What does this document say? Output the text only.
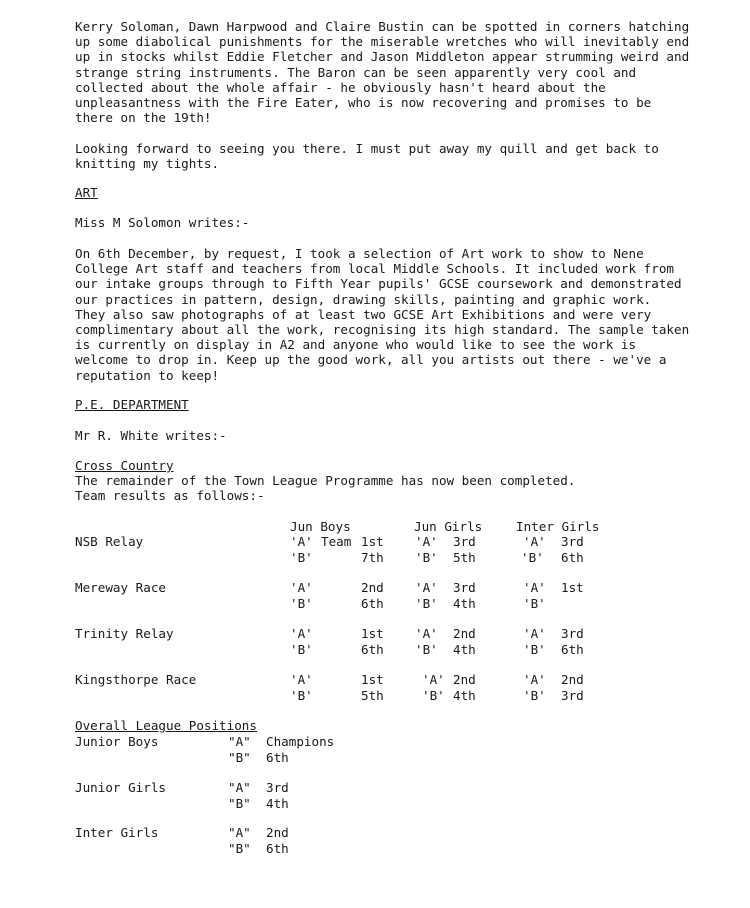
Kerry Soloman, Dawn Harpwood and Claire Bustin can be spotted in corners hatching
up some diabolical punishments for the miserable wretches who will inevitably end
up in stocks whilst Eddie Fletcher and Jason Middleton appear strumming weird and
strange string instruments. The Baron can be seen apparently very cool and
collected about the whole affair - he obviously hasn't heard about the
unpleasantness with the Fire Eater, who is now recovering and promises to be
there on the 19th!

Looking forward to seeing you there. I must put away my quill and get back to
knitting my tights.

ART
Miss M Solomon writes:-

On 6th December, by request, I took a selection of Art work to show to Nene
College Art staff and teachers from local Middle Schools. It included work from
our intake groups through to Fifth Year pupils' GCSE coursework and demonstrated
our practices in pattern, design, drawing skills, painting and graphic work.
They also saw photographs of at least two GCSE Art Exhibitions and were very
complimentary about all the work, recognising its high standard. The sample taken
is currently on display in A2 and anyone who would like to see the work is
welcome to drop in. Keep up the good work, all you artists out there - we've a
reputation to keep!

P.E. DEPARTMENT
Mr R. White writes:-
Cross Country
The remainder of the Town League Programme has now been completed.
Team results as follows:-
Jun Boys	Jun Girls	Inter Girls
NSB Relay	'A' Team 1st 'A' 3rd	'A' 3rd
'B'	7th 'B' 5th	'B' 6th
Mereway Race	'A'	2nd 'A' 3rd	'A' 1st
'B'	6th 'B' 4th	'B'
Trinity Relay	'A'	1st 'A' 2nd	'A' 3rd
'B'	6th 'B' 4th	'B' 6th
Kingsthorpe Race	'A'	1st	'A' 2nd	'A' 2nd
'B'	5th	'B' 4th	'B' 3rd
Overall League Positions
Junior Boys	"A" Champions
"B" 6th
Junior Girls	"A" 3rd
"B" 4th
Inter Girls	"A" 2nd
"B" 6th
